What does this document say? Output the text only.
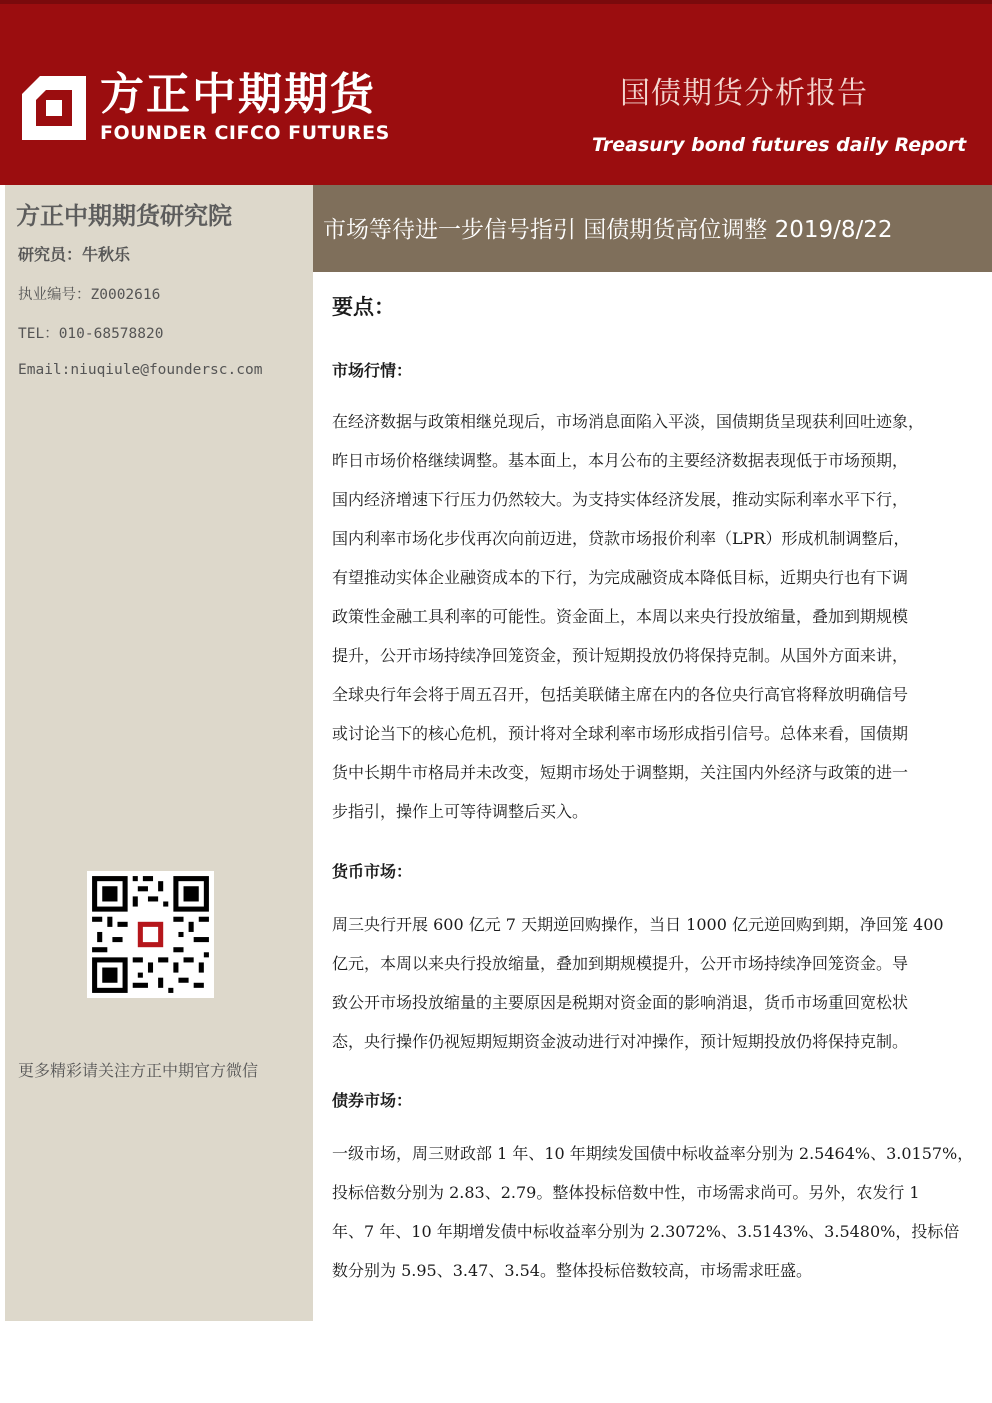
方正中期期货
FOUNDER CIFCO FUTURES
国债期货分析报告
Treasury bond futures daily Report
方正中期期货研究院
研究员：牛秋乐
执业编号：Z0002616
TEL：010-68578820
Email:niuqiule@foundersc.com
更多精彩请关注方正中期官方微信
市场等待进一步信号指引 国债期货高位调整 2019/8/22
要点：
市场行情：
在经济数据与政策相继兑现后，市场消息面陷入平淡，国债期货呈现获利回吐迹象，
昨日市场价格继续调整。基本面上，本月公布的主要经济数据表现低于市场预期，
国内经济增速下行压力仍然较大。为支持实体经济发展，推动实际利率水平下行，
国内利率市场化步伐再次向前迈进，贷款市场报价利率（LPR）形成机制调整后，
有望推动实体企业融资成本的下行，为完成融资成本降低目标，近期央行也有下调
政策性金融工具利率的可能性。资金面上，本周以来央行投放缩量，叠加到期规模
提升，公开市场持续净回笼资金，预计短期投放仍将保持克制。从国外方面来讲，
全球央行年会将于周五召开，包括美联储主席在内的各位央行高官将释放明确信号
或讨论当下的核心危机，预计将对全球利率市场形成指引信号。总体来看，国债期
货中长期牛市格局并未改变，短期市场处于调整期，关注国内外经济与政策的进一
步指引，操作上可等待调整后买入。
货币市场：
周三央行开展 600 亿元 7 天期逆回购操作，当日 1000 亿元逆回购到期，净回笼 400
亿元，本周以来央行投放缩量，叠加到期规模提升，公开市场持续净回笼资金。导
致公开市场投放缩量的主要原因是税期对资金面的影响消退，货币市场重回宽松状
态，央行操作仍视短期短期资金波动进行对冲操作，预计短期投放仍将保持克制。
债券市场：
一级市场，周三财政部 1 年、10 年期续发国债中标收益率分别为 2.5464%、3.0157%，
投标倍数分别为 2.83、2.79。整体投标倍数中性，市场需求尚可。另外，农发行 1
年、7 年、10 年期增发债中标收益率分别为 2.3072%、3.5143%、3.5480%，投标倍
数分别为 5.95、3.47、3.54。整体投标倍数较高，市场需求旺盛。
